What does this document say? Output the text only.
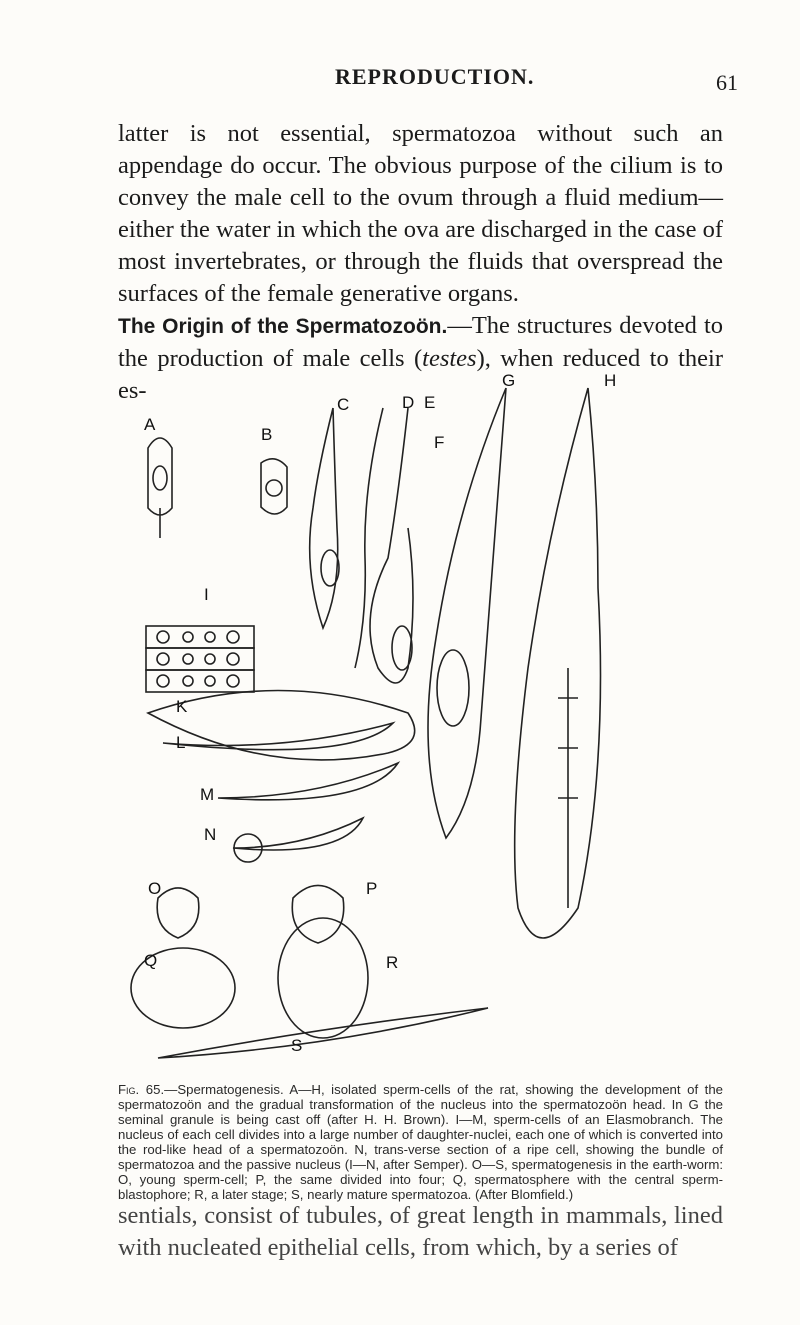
REPRODUCTION.	61

latter is not essential, spermatozoa without such an appendage do occur. The obvious purpose of the cilium is to convey the male cell to the ovum through a fluid medium—either the water in which the ova are discharged in the case of most invertebrates, or through the fluids that overspread the surfaces of the female generative organs.

The Origin of the Spermatozoön.—The structures devoted to the production of male cells (testes), when reduced to their es-

A
B
C	D E
F
G	H
I
K
L
M
N
O	P
Q	R
S
Fig. 65.—Spermatogenesis. A—H, isolated sperm-cells of the rat, showing the development of the spermatozoön and the gradual transformation of the nucleus into the spermatozoön head. In G the seminal granule is being cast off (after H. H. Brown). I—M, sperm-cells of an Elasmobranch. The nucleus of each cell divides into a large number of daughter-nuclei, each one of which is converted into the rod-like head of a spermatozoön. N, trans-verse section of a ripe cell, showing the bundle of spermatozoa and the passive nucleus (I—N, after Semper). O—S, spermatogenesis in the earth-worm: O, young sperm-cell; P, the same divided into four; Q, spermatosphere with the central sperm-blastophore; R, a later stage; S, nearly mature spermatozoa. (After Blomfield.)
sentials, consist of tubules, of great length in mammals, lined with nucleated epithelial cells, from which, by a series of
